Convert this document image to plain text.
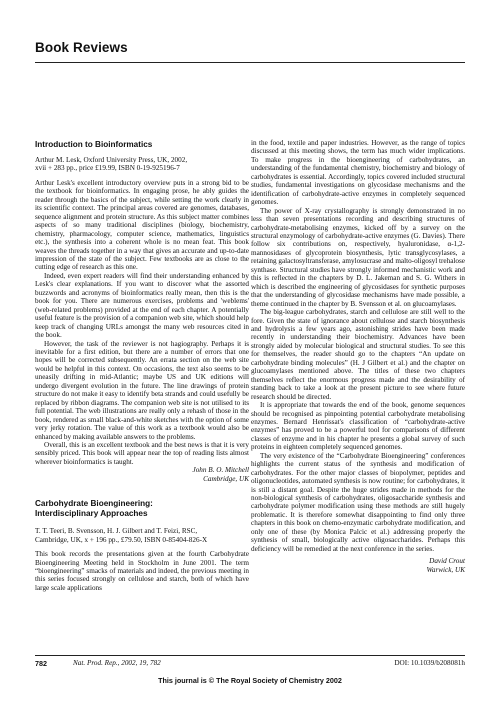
Book Reviews
Introduction to Bioinformatics
Arthur M. Lesk, Oxford University Press, UK, 2002,
xvii + 283 pp., price £19.99, ISBN 0-19-925196-7

Arthur Lesk's excellent introductory overview puts in a strong bid to be the textbook for bioinformatics. In engaging prose, he ably guides the reader through the basics of the subject, while setting the work clearly in its scientific context. The principal areas covered are genomes, databases, sequence alignment and protein structure. As this subject matter combines aspects of so many traditional disciplines (biology, biochemistry, chemistry, pharmacology, computer science, mathematics, linguistics etc.), the synthesis into a coherent whole is no mean feat. This book weaves the threads together in a way that gives an accurate and up-to-date impression of the state of the subject. Few textbooks are as close to the cutting edge of research as this one.

Indeed, even expert readers will find their understanding enhanced by Lesk's clear explanations. If you want to discover what the assorted buzzwords and acronyms of bioinformatics really mean, then this is the book for you. There are numerous exercises, problems and 'weblems' (web-related problems) provided at the end of each chapter. A potentially useful feature is the provision of a companion web site, which should help keep track of changing URLs amongst the many web resources cited in the book.

However, the task of the reviewer is not hagiography. Perhaps it is inevitable for a first edition, but there are a number of errors that one hopes will be corrected subsequently. An errata section on the web site would be helpful in this context. On occasions, the text also seems to be uneasily drifting in mid-Atlantic; maybe US and UK editions will undergo divergent evolution in the future. The line drawings of protein structure do not make it easy to identify beta strands and could usefully be replaced by ribbon diagrams. The companion web site is not utilised to its full potential. The web illustrations are really only a rehash of those in the book, rendered as small black-and-white sketches with the option of some very jerky rotation. The value of this work as a textbook would also be enhanced by making available answers to the problems.

Overall, this is an excellent textbook and the best news is that it is very sensibly priced. This book will appear near the top of reading lists almost wherever bioinformatics is taught.

John B. O. Mitchell

Cambridge, UK

Carbohydrate Bioengineering:
Interdisciplinary Approaches
T. T. Teeri, B. Svensson, H. J. Gilbert and T. Feizi, RSC,
Cambridge, UK, x + 196 pp., £79.50, ISBN 0-85404-826-X

This book records the presentations given at the fourth Carbohydrate Bioengineering Meeting held in Stockholm in June 2001. The term “bioengineering” smacks of materials and indeed, the previous meeting in this series focused strongly on cellulose and starch, both of which have large scale applications

in the food, textile and paper industries. However, as the range of topics discussed at this meeting shows, the term has much wider implications. To make progress in the bioengineering of carbohydrates, an understanding of the fundamental chemistry, biochemistry and biology of carbohydrates is essential. Accordingly, topics covered included structural studies, fundamental investigations on glycosidase mechanisms and the identification of carbohydrate-active enzymes in completely sequenced genomes.

The power of X-ray crystallography is strongly demonstrated in no less than seven presentations recording and describing structures of carbohydrate-metabolising enzymes, kicked off by a survey on the structural enzymology of carbohydrate-active enzymes (G. Davies). There follow six contributions on, respectively, hyaluronidase, α-1,2-mannosidases of glycoprotein biosynthesis, lytic transglycosylases, a retaining galactosyltransferase, amylosucrase and malto-oligosyl trehalose synthase. Structural studies have strongly informed mechanistic work and this is reflected in the chapters by D. L. Jakeman and S. G. Withers in which is described the engineering of glycosidases for synthetic purposes that the understanding of glycosidase mechanisms have made possible, a theme continued in the chapter by B. Svensson et al. on glucoamylases.

The big-league carbohydrates, starch and cellulose are still well to the fore. Given the state of ignorance about cellulose and starch biosynthesis and hydrolysis a few years ago, astonishing strides have been made recently in understanding their biochemistry. Advances have been strongly aided by molecular biological and structural studies. To see this for themselves, the reader should go to the chapters “An update on carbohydrate binding molecules” (H. J Gilbert et al.) and the chapter on glucoamylases mentioned above. The titles of these two chapters themselves reflect the enormous progress made and the desirability of standing back to take a look at the present picture to see where future research should be directed.

It is appropriate that towards the end of the book, genome sequences should be recognised as pinpointing potential carbohydrate metabolising enzymes. Bernard Henrissat's classification of “carbohydrate-active enzymes” has proved to be a powerful tool for comparisons of different classes of enzyme and in his chapter he presents a global survey of such proteins in eighteen completely sequenced genomes.

The very existence of the “Carbohydrate Bioengineering” conferences highlights the current status of the synthesis and modification of carbohydrates. For the other major classes of biopolymer, peptides and oligonucleotides, automated synthesis is now routine; for carbohydrates, it is still a distant goal. Despite the huge strides made in methods for the non-biological synthesis of carbohydrates, oligosaccharide synthesis and carbohydrate polymer modification using these methods are still hugely problematic. It is therefore somewhat disappointing to find only three chapters in this book on chemo-enzymatic carbohydrate modification, and only one of these (by Monica Palcic et al.) addressing properly the synthesis of small, biologically active oligosaccharides. Perhaps this deficiency will be remedied at the next conference in the series.

David Crout

Warwick, UK

782	Nat. Prod. Rep., 2002, 19, 782	DOI: 10.1039/b208081h
This journal is © The Royal Society of Chemistry 2002
